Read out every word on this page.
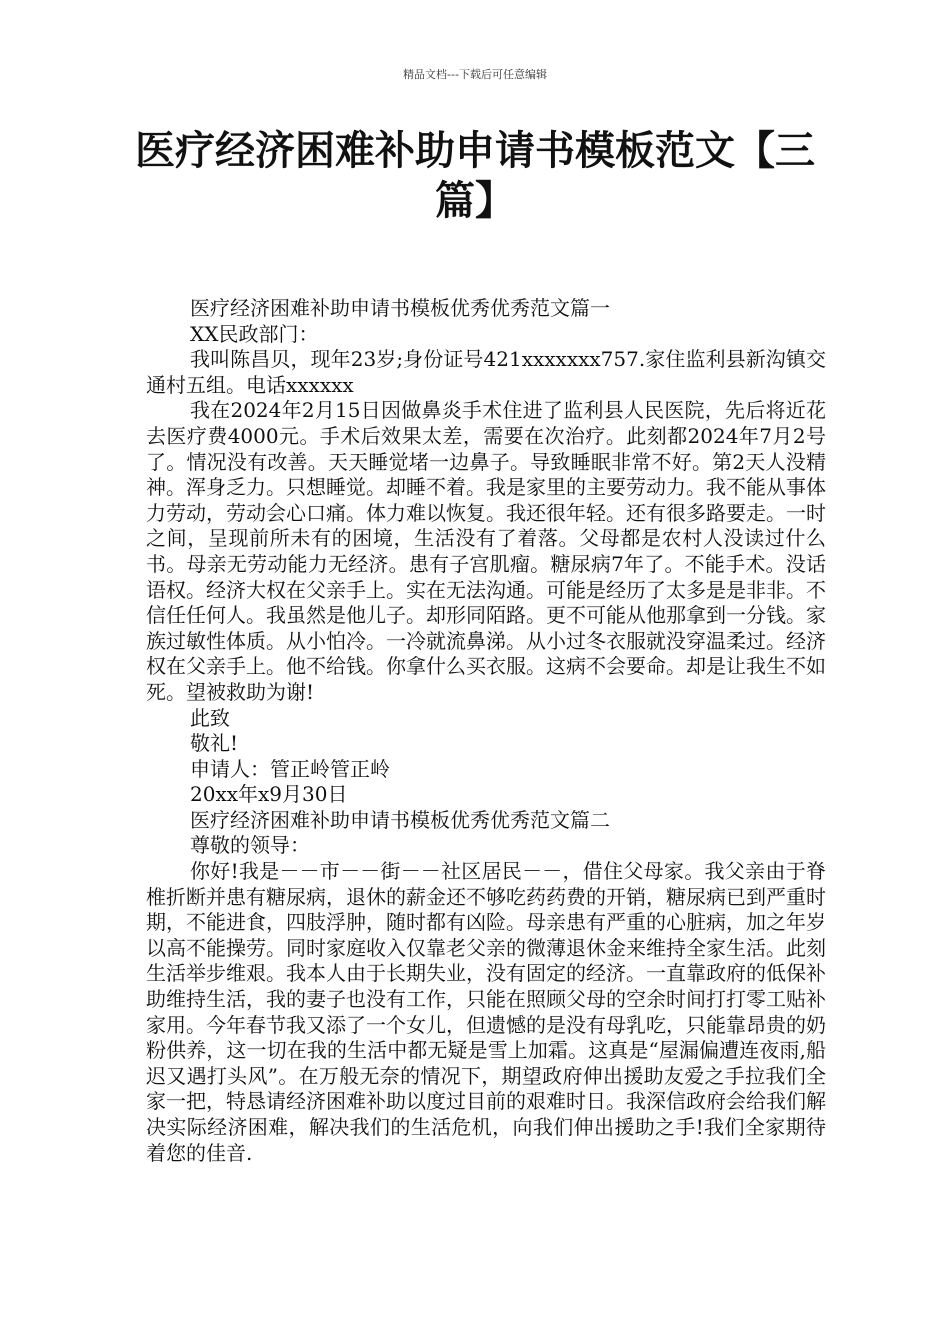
精品文档---下载后可任意编辑
医疗经济困难补助申请书模板范文【三篇】

医疗经济困难补助申请书模板优秀优秀范文篇一

XX民政部门：

我叫陈昌贝，现年23岁;身份证号421xxxxxxx757.家住监利县新沟镇交通村五组。电话xxxxxx

我在2024年2月15日因做鼻炎手术住进了监利县人民医院，先后将近花去医疗费4000元。手术后效果太差，需要在次治疗。此刻都2024年7月2号了。情况没有改善。天天睡觉堵一边鼻子。导致睡眠非常不好。第2天人没精神。浑身乏力。只想睡觉。却睡不着。我是家里的主要劳动力。我不能从事体力劳动，劳动会心口痛。体力难以恢复。我还很年轻。还有很多路要走。一时之间，呈现前所未有的困境，生活没有了着落。父母都是农村人没读过什么书。母亲无劳动能力无经济。患有子宫肌瘤。糖尿病7年了。不能手术。没话语权。经济大权在父亲手上。实在无法沟通。可能是经历了太多是是非非。不信任任何人。我虽然是他儿子。却形同陌路。更不可能从他那拿到一分钱。家族过敏性体质。从小怕冷。一冷就流鼻涕。从小过冬衣服就没穿温柔过。经济权在父亲手上。他不给钱。你拿什么买衣服。这病不会要命。却是让我生不如死。望被救助为谢!

此致

敬礼!

申请人：管正岭管正岭

20xx年x9月30日

医疗经济困难补助申请书模板优秀优秀范文篇二

尊敬的领导：

你好!我是－－市－－街－－社区居民－－，借住父母家。我父亲由于脊椎折断并患有糖尿病，退休的薪金还不够吃药药费的开销，糖尿病已到严重时期，不能进食，四肢浮肿，随时都有凶险。母亲患有严重的心脏病，加之年岁以高不能操劳。同时家庭收入仅靠老父亲的微薄退休金来维持全家生活。此刻生活举步维艰。我本人由于长期失业，没有固定的经济。一直靠政府的低保补助维持生活，我的妻子也没有工作，只能在照顾父母的空余时间打打零工贴补家用。今年春节我又添了一个女儿，但遗憾的是没有母乳吃，只能靠昂贵的奶粉供养，这一切在我的生活中都无疑是雪上加霜。这真是“屋漏偏遭连夜雨,船迟又遇打头风”。在万般无奈的情况下，期望政府伸出援助友爱之手拉我们全家一把，特恳请经济困难补助以度过目前的艰难时日。我深信政府会给我们解决实际经济困难，解决我们的生活危机，向我们伸出援助之手!我们全家期待着您的佳音.
